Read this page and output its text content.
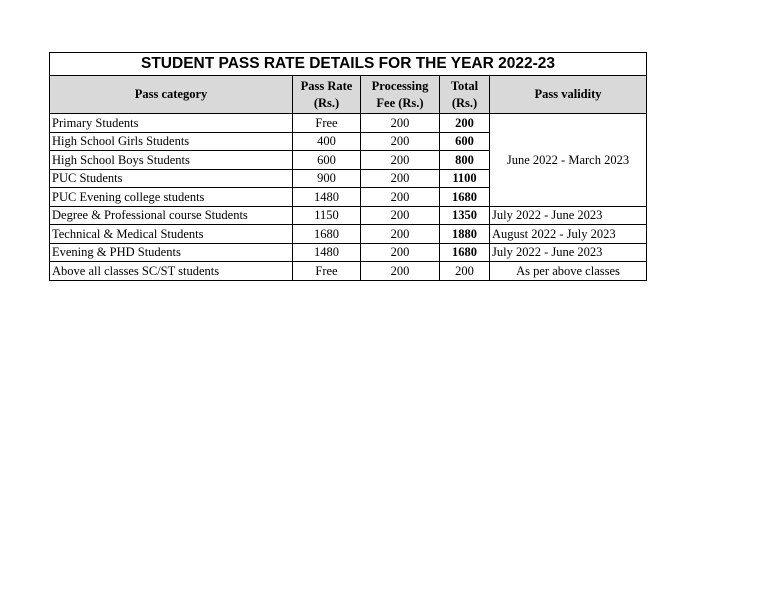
STUDENT PASS RATE DETAILS FOR THE YEAR 2022-23				
Pass category	Pass Rate (Rs.)	Processing Fee (Rs.)	Total (Rs.)	Pass validity
Primary Students	Free	200	200	June 2022 - March 2023
High School Girls Students	400	200	600	
High School Boys Students	600	200	800	
PUC Students	900	200	1100	
PUC Evening college students	1480	200	1680	
Degree & Professional course Students	1150	200	1350	July 2022 - June 2023
Technical & Medical Students	1680	200	1880	August 2022 - July 2023
Evening & PHD Students	1480	200	1680	July 2022 - June 2023
Above all classes SC/ST students	Free	200	200	As per above classes
